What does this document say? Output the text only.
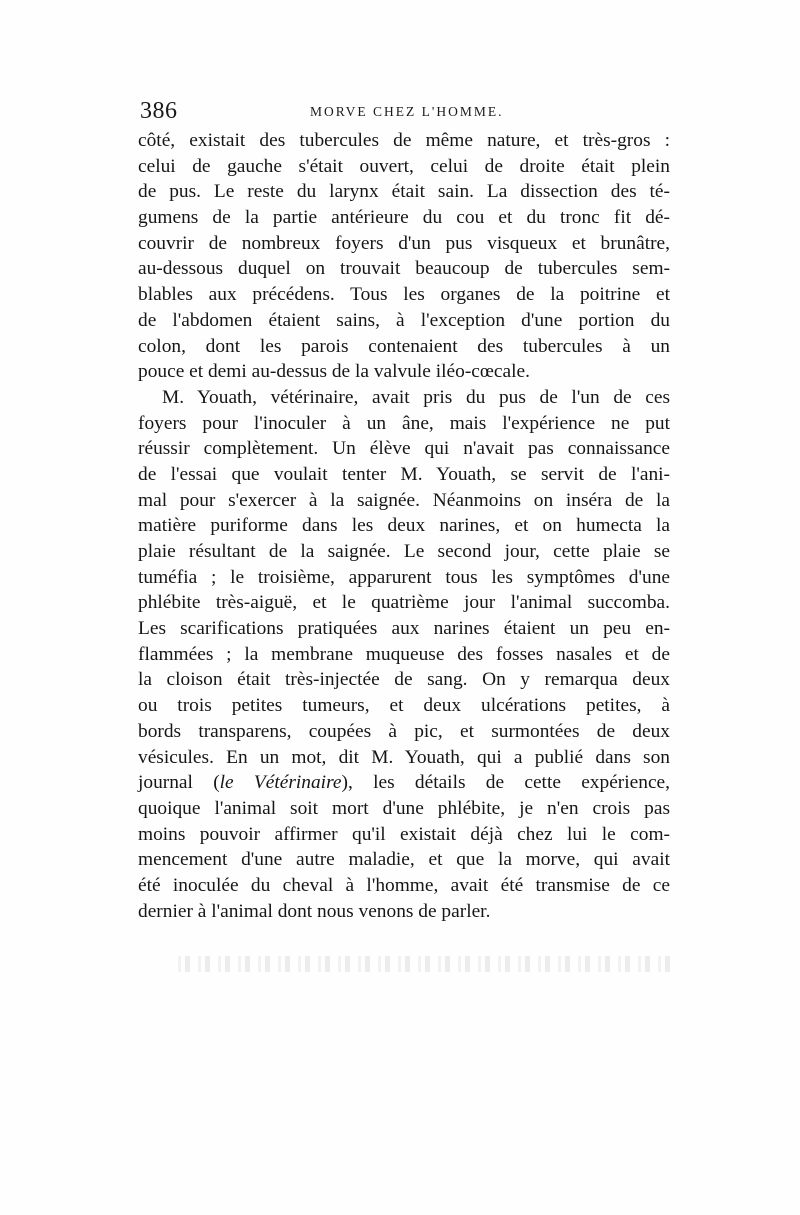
386	MORVE CHEZ L'HOMME.
côté, existait des tubercules de même nature, et très-gros :
celui de gauche s'était ouvert, celui de droite était plein
de pus. Le reste du larynx était sain. La dissection des té-
gumens de la partie antérieure du cou et du tronc fit dé-
couvrir de nombreux foyers d'un pus visqueux et brunâtre,
au-dessous duquel on trouvait beaucoup de tubercules sem-
blables aux précédens. Tous les organes de la poitrine et
de l'abdomen étaient sains, à l'exception d'une portion du
colon, dont les parois contenaient des tubercules à un
pouce et demi au-dessus de la valvule iléo-cœcale.
M. Youath, vétérinaire, avait pris du pus de l'un de ces
foyers pour l'inoculer à un âne, mais l'expérience ne put
réussir complètement. Un élève qui n'avait pas connaissance
de l'essai que voulait tenter M. Youath, se servit de l'ani-
mal pour s'exercer à la saignée. Néanmoins on inséra de la
matière puriforme dans les deux narines, et on humecta la
plaie résultant de la saignée. Le second jour, cette plaie se
tuméfia ; le troisième, apparurent tous les symptômes d'une
phlébite très-aiguë, et le quatrième jour l'animal succomba.
Les scarifications pratiquées aux narines étaient un peu en-
flammées ; la membrane muqueuse des fosses nasales et de
la cloison était très-injectée de sang. On y remarqua deux
ou trois petites tumeurs, et deux ulcérations petites, à
bords transparens, coupées à pic, et surmontées de deux
vésicules. En un mot, dit M. Youath, qui a publié dans son
journal (le Vétérinaire), les détails de cette expérience,
quoique l'animal soit mort d'une phlébite, je n'en crois pas
moins pouvoir affirmer qu'il existait déjà chez lui le com-
mencement d'une autre maladie, et que la morve, qui avait
été inoculée du cheval à l'homme, avait été transmise de ce
dernier à l'animal dont nous venons de parler.
